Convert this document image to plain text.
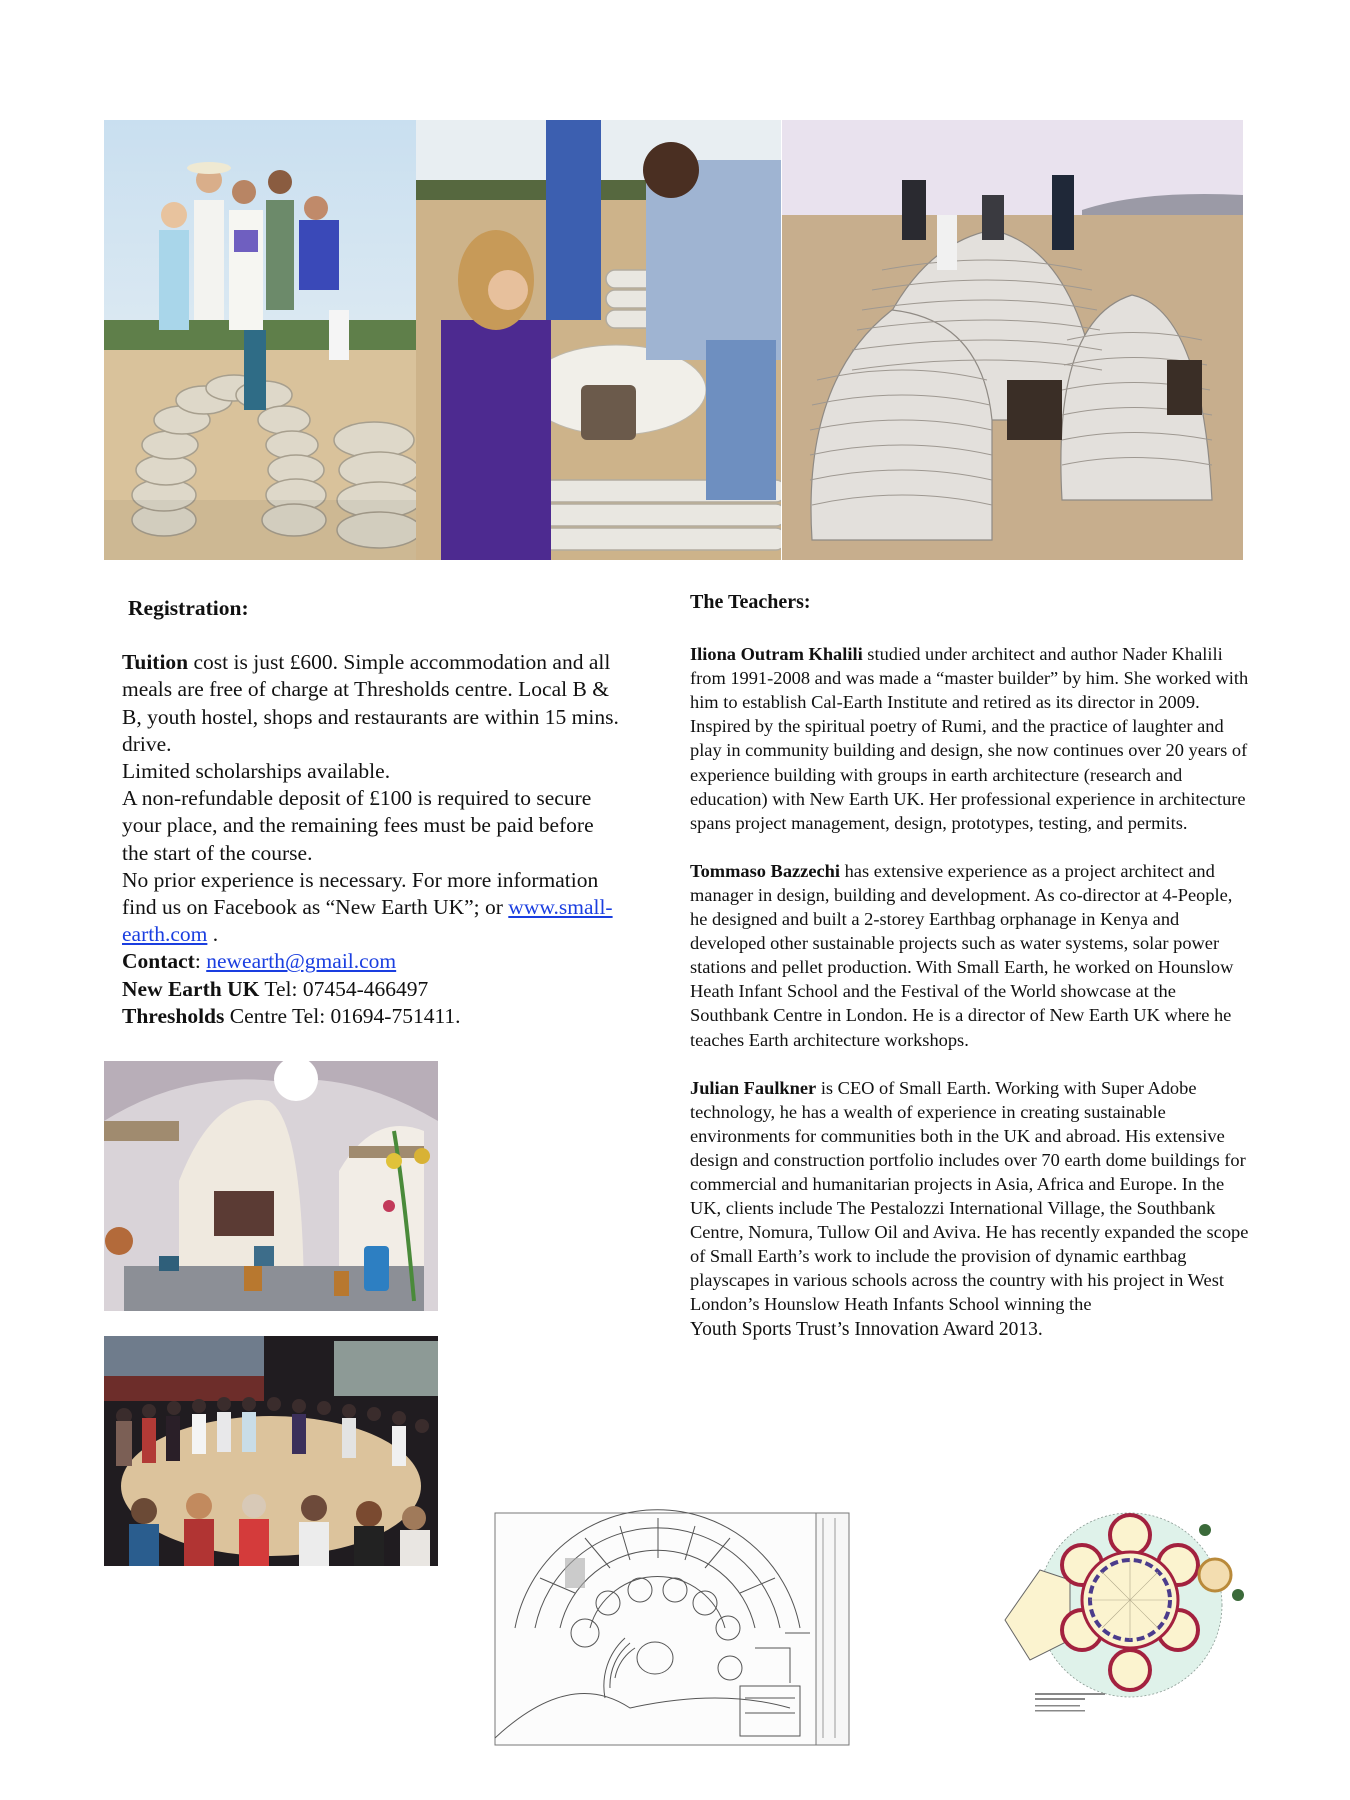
Registration:

Tuition cost is just £600. Simple accommodation and all meals are free of charge at Thresholds centre. Local B & B, youth hostel, shops and restaurants are within 15 mins. drive.

Limited scholarships available.

A non-refundable deposit of £100 is required to secure your place, and the remaining fees must be paid before the start of the course.

No prior experience is necessary. For more information find us on Facebook as “New Earth UK”; or www.small-earth.com .

Contact: newearth@gmail.com

New Earth UK Tel: 07454-466497

Thresholds Centre Tel: 01694-751411.

The Teachers:

Iliona Outram Khalili studied under architect and author Nader Khalili from 1991-2008 and was made a “master builder” by him. She worked with him to establish Cal-Earth Institute and retired as its director in 2009. Inspired by the spiritual poetry of Rumi, and the practice of laughter and play in community building and design, she now continues over 20 years of experience building with groups in earth architecture (research and education) with New Earth UK. Her professional experience in architecture spans project management, design, prototypes, testing, and permits.

Tommaso Bazzechi has extensive experience as a project architect and manager in design, building and development. As co-director at 4-People, he designed and built a 2-storey Earthbag orphanage in Kenya and developed other sustainable projects such as water systems, solar power stations and pellet production. With Small Earth, he worked on Hounslow Heath Infant School and the Festival of the World showcase at the Southbank Centre in London. He is a director of New Earth UK where he teaches Earth architecture workshops.

Julian Faulkner is CEO of Small Earth. Working with Super Adobe technology, he has a wealth of experience in creating sustainable environments for communities both in the UK and abroad. His extensive design and construction portfolio includes over 70 earth dome buildings for commercial and humanitarian projects in Asia, Africa and Europe. In the UK, clients include The Pestalozzi International Village, the Southbank Centre, Nomura, Tullow Oil and Aviva. He has recently expanded the scope of Small Earth’s work to include the provision of dynamic earthbag playscapes in various schools across the country with his project in West London’s Hounslow Heath Infants School winning the
Youth Sports Trust’s Innovation Award 2013.
